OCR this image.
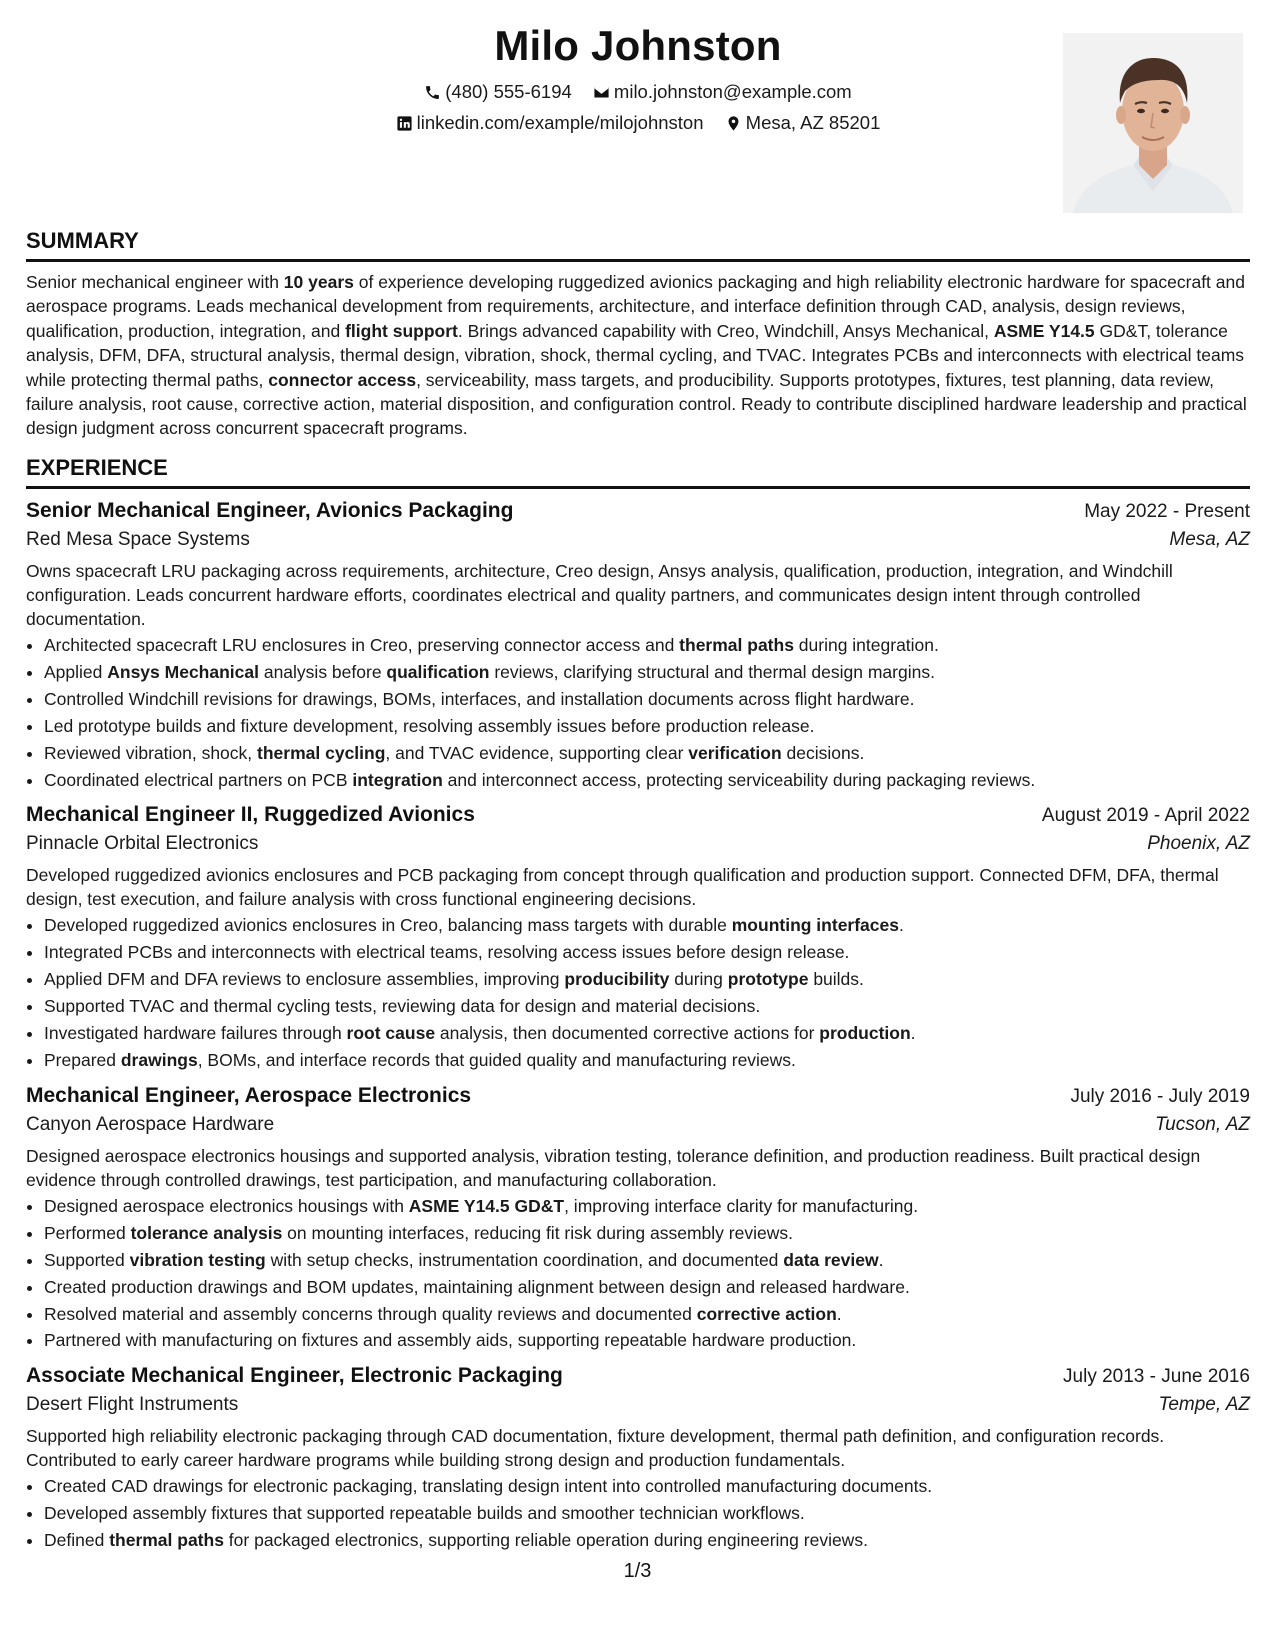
Milo Johnston
(480) 555-6194
milo.johnston@example.com
linkedin.com/example/milojohnston
Mesa, AZ 85201
SUMMARY

Senior mechanical engineer with 10 years of experience developing ruggedized avionics packaging and high reliability electronic hardware for spacecraft and aerospace programs. Leads mechanical development from requirements, architecture, and interface definition through CAD, analysis, design reviews, qualification, production, integration, and flight support. Brings advanced capability with Creo, Windchill, Ansys Mechanical, ASME Y14.5 GD&T, tolerance analysis, DFM, DFA, structural analysis, thermal design, vibration, shock, thermal cycling, and TVAC. Integrates PCBs and interconnects with electrical teams while protecting thermal paths, connector access, serviceability, mass targets, and producibility. Supports prototypes, fixtures, test planning, data review, failure analysis, root cause, corrective action, material disposition, and configuration control. Ready to contribute disciplined hardware leadership and practical design judgment across concurrent spacecraft programs.

EXPERIENCE
Senior Mechanical Engineer, Avionics Packaging	May 2022 - Present
Red Mesa Space Systems	Mesa, AZ

Owns spacecraft LRU packaging across requirements, architecture, Creo design, Ansys analysis, qualification, production, integration, and Windchill configuration. Leads concurrent hardware efforts, coordinates electrical and quality partners, and communicates design intent through controlled documentation.

• Architected spacecraft LRU enclosures in Creo, preserving connector access and thermal paths during integration.
• Applied Ansys Mechanical analysis before qualification reviews, clarifying structural and thermal design margins.
• Controlled Windchill revisions for drawings, BOMs, interfaces, and installation documents across flight hardware.
• Led prototype builds and fixture development, resolving assembly issues before production release.
• Reviewed vibration, shock, thermal cycling, and TVAC evidence, supporting clear verification decisions.
• Coordinated electrical partners on PCB integration and interconnect access, protecting serviceability during packaging reviews.
Mechanical Engineer II, Ruggedized Avionics	August 2019 - April 2022
Pinnacle Orbital Electronics	Phoenix, AZ

Developed ruggedized avionics enclosures and PCB packaging from concept through qualification and production support. Connected DFM, DFA, thermal design, test execution, and failure analysis with cross functional engineering decisions.

• Developed ruggedized avionics enclosures in Creo, balancing mass targets with durable mounting interfaces.
• Integrated PCBs and interconnects with electrical teams, resolving access issues before design release.
• Applied DFM and DFA reviews to enclosure assemblies, improving producibility during prototype builds.
• Supported TVAC and thermal cycling tests, reviewing data for design and material decisions.
• Investigated hardware failures through root cause analysis, then documented corrective actions for production.
• Prepared drawings, BOMs, and interface records that guided quality and manufacturing reviews.
Mechanical Engineer, Aerospace Electronics	July 2016 - July 2019
Canyon Aerospace Hardware	Tucson, AZ

Designed aerospace electronics housings and supported analysis, vibration testing, tolerance definition, and production readiness. Built practical design evidence through controlled drawings, test participation, and manufacturing collaboration.

• Designed aerospace electronics housings with ASME Y14.5 GD&T, improving interface clarity for manufacturing.
• Performed tolerance analysis on mounting interfaces, reducing fit risk during assembly reviews.
• Supported vibration testing with setup checks, instrumentation coordination, and documented data review.
• Created production drawings and BOM updates, maintaining alignment between design and released hardware.
• Resolved material and assembly concerns through quality reviews and documented corrective action.
• Partnered with manufacturing on fixtures and assembly aids, supporting repeatable hardware production.
Associate Mechanical Engineer, Electronic Packaging	July 2013 - June 2016
Desert Flight Instruments	Tempe, AZ

Supported high reliability electronic packaging through CAD documentation, fixture development, thermal path definition, and configuration records. Contributed to early career hardware programs while building strong design and production fundamentals.

• Created CAD drawings for electronic packaging, translating design intent into controlled manufacturing documents.
• Developed assembly fixtures that supported repeatable builds and smoother technician workflows.
• Defined thermal paths for packaged electronics, supporting reliable operation during engineering reviews.
1/3
